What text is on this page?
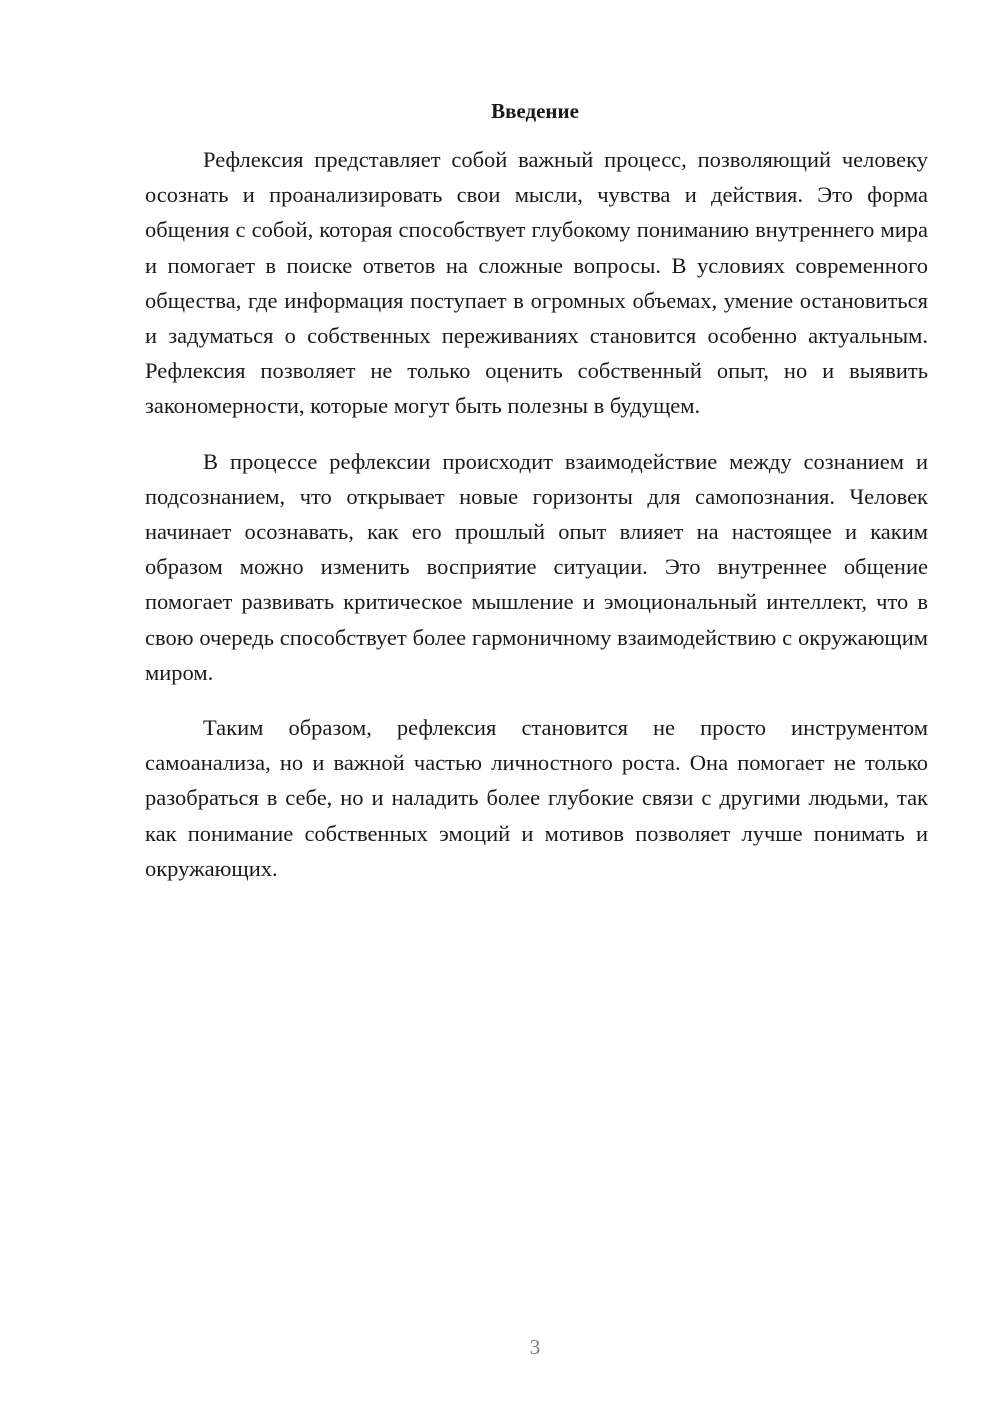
Введение

Рефлексия представляет собой важный процесс, позволяющий человеку осознать и проанализировать свои мысли, чувства и действия. Это форма общения с собой, которая способствует глубокому пониманию внутреннего мира и помогает в поиске ответов на сложные вопросы. В условиях современного общества, где информация поступает в огромных объемах, умение остановиться и задуматься о собственных переживаниях становится особенно актуальным. Рефлексия позволяет не только оценить собственный опыт, но и выявить закономерности, которые могут быть полезны в будущем.

В процессе рефлексии происходит взаимодействие между сознанием и подсознанием, что открывает новые горизонты для самопознания. Человек начинает осознавать, как его прошлый опыт влияет на настоящее и каким образом можно изменить восприятие ситуации. Это внутреннее общение помогает развивать критическое мышление и эмоциональный интеллект, что в свою очередь способствует более гармоничному взаимодействию с окружающим миром.

Таким образом, рефлексия становится не просто инструментом самоанализа, но и важной частью личностного роста. Она помогает не только разобраться в себе, но и наладить более глубокие связи с другими людьми, так как понимание собственных эмоций и мотивов позволяет лучше понимать и окружающих.

3
